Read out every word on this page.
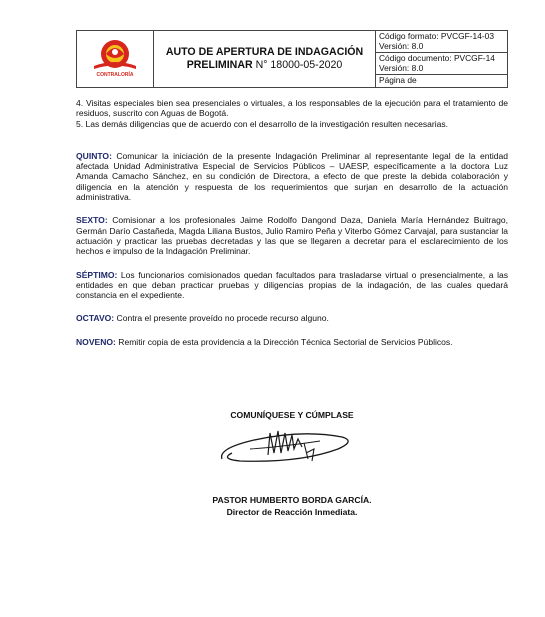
CONTRALORÍA
AUTO DE APERTURA DE INDAGACIÓN
PRELIMINAR N° 18000-05-2020
Código formato: PVCGF-14-03
Versión: 8.0
Código documento: PVCGF-14
Versión: 8.0
Página de

4. Visitas especiales bien sea presenciales o virtuales, a los responsables de la ejecución para el tratamiento de residuos, suscrito con Aguas de Bogotá.

5. Las demás diligencias que de acuerdo con el desarrollo de la investigación resulten necesarias.

QUINTO: Comunicar la iniciación de la presente Indagación Preliminar al representante legal de la entidad afectada Unidad Administrativa Especial de Servicios Públicos – UAESP, específicamente a la doctora Luz Amanda Camacho Sánchez, en su condición de Directora, a efecto de que preste la debida colaboración y diligencia en la atención y respuesta de los requerimientos que surjan en desarrollo de la actuación administrativa.

SEXTO: Comisionar a los profesionales Jaime Rodolfo Dangond Daza, Daniela María Hernández Buitrago, Germán Darío Castañeda, Magda Liliana Bustos, Julio Ramiro Peña y Viterbo Gómez Carvajal, para sustanciar la actuación y practicar las pruebas decretadas y las que se llegaren a decretar para el esclarecimiento de los hechos e impulso de la Indagación Preliminar.

SÉPTIMO: Los funcionarios comisionados quedan facultados para trasladarse virtual o presencialmente, a las entidades en que deban practicar pruebas y diligencias propias de la indagación, de las cuales quedará constancia en el expediente.

OCTAVO: Contra el presente proveído no procede recurso alguno.

NOVENO: Remitir copia de esta providencia a la Dirección Técnica Sectorial de Servicios Públicos.

COMUNÍQUESE Y CÚMPLASE
PASTOR HUMBERTO BORDA GARCÍA.
Director de Reacción Inmediata.
